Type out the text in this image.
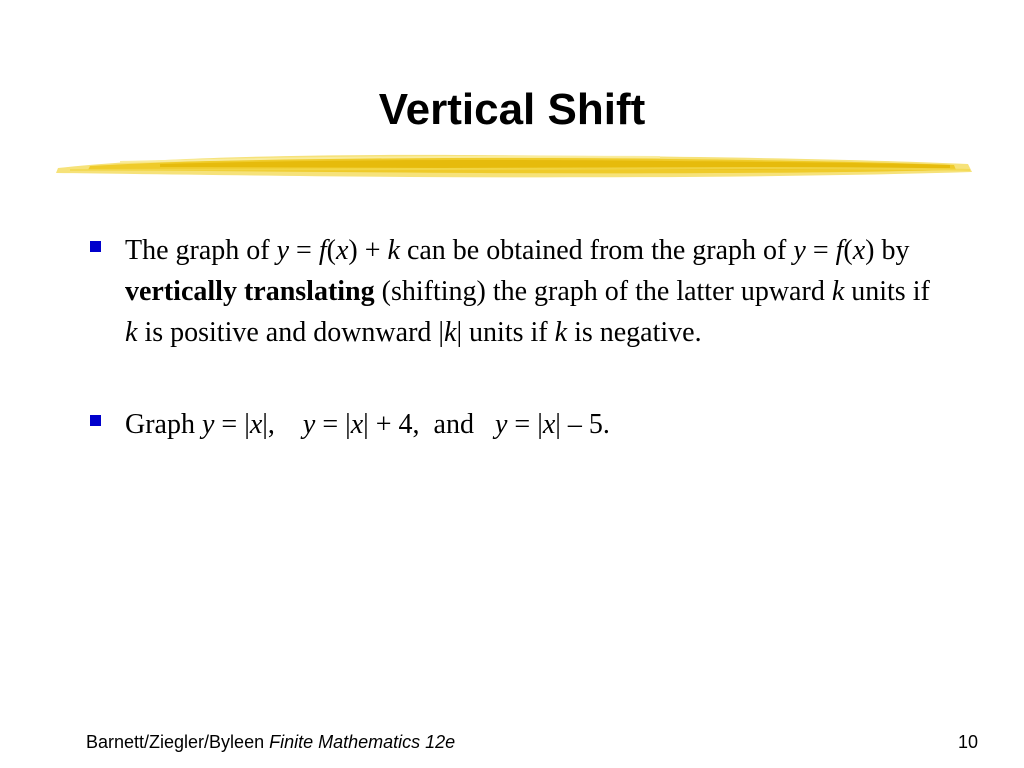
Vertical Shift
The graph of y = f(x) + k can be obtained from the graph of y = f(x) by vertically translating (shifting) the graph of the latter upward k units if k is positive and downward |k| units if k is negative.
Graph y = |x|,    y = |x| + 4,  and   y = |x| – 5.
Barnett/Ziegler/Byleen Finite Mathematics 12e	10
